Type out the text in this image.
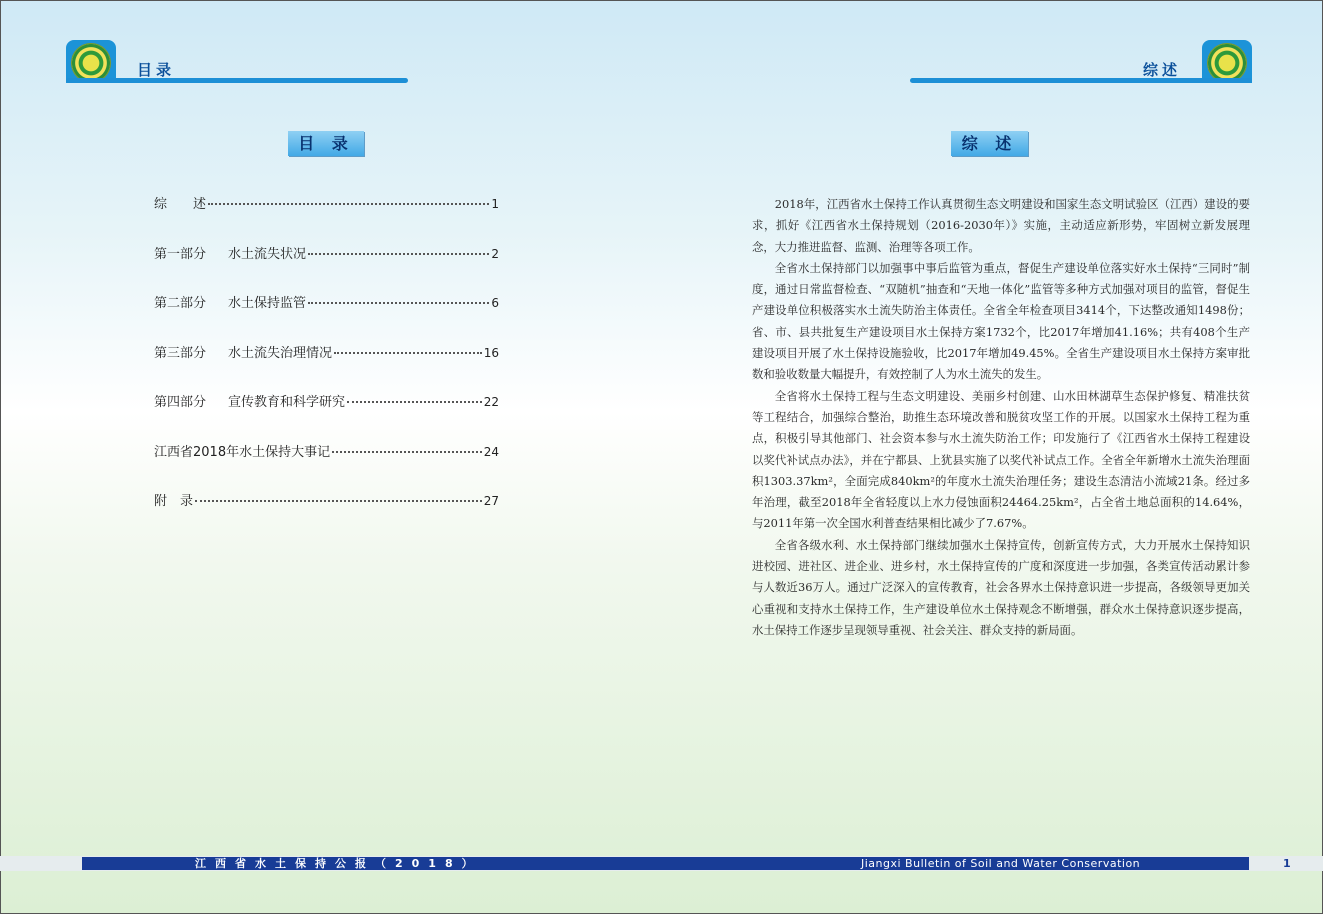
目录	综述
目 录	综 述
综　　述	1
第一部分 水土流失状况	2
第二部分 水土保持监管	6
第三部分 水土流失治理情况	16
第四部分 宣传教育和科学研究	22
江西省2018年水土保持大事记	24
附　录	27

2018年，江西省水土保持工作认真贯彻生态文明建设和国家生态文明试验区（江西）建设的要求，抓好《江西省水土保持规划（2016-2030年）》实施，主动适应新形势，牢固树立新发展理念，大力推进监督、监测、治理等各项工作。

全省水土保持部门以加强事中事后监管为重点，督促生产建设单位落实好水土保持“三同时”制度，通过日常监督检查、“双随机”抽查和“天地一体化”监管等多种方式加强对项目的监管，督促生产建设单位积极落实水土流失防治主体责任。全省全年检查项目3414个，下达整改通知1498份；省、市、县共批复生产建设项目水土保持方案1732个，比2017年增加41.16%；共有408个生产建设项目开展了水土保持设施验收，比2017年增加49.45%。全省生产建设项目水土保持方案审批数和验收数量大幅提升，有效控制了人为水土流失的发生。

全省将水土保持工程与生态文明建设、美丽乡村创建、山水田林湖草生态保护修复、精准扶贫等工程结合，加强综合整治，助推生态环境改善和脱贫攻坚工作的开展。以国家水土保持工程为重点，积极引导其他部门、社会资本参与水土流失防治工作；印发施行了《江西省水土保持工程建设以奖代补试点办法》，并在宁都县、上犹县实施了以奖代补试点工作。全省全年新增水土流失治理面积1303.37km²，全面完成840km²的年度水土流失治理任务；建设生态清洁小流域21条。经过多年治理，截至2018年全省轻度以上水力侵蚀面积24464.25km²，占全省土地总面积的14.64%，与2011年第一次全国水利普查结果相比减少了7.67%。

全省各级水利、水土保持部门继续加强水土保持宣传，创新宣传方式，大力开展水土保持知识进校园、进社区、进企业、进乡村，水土保持宣传的广度和深度进一步加强，各类宣传活动累计参与人数近36万人。通过广泛深入的宣传教育，社会各界水土保持意识进一步提高，各级领导更加关心重视和支持水土保持工作，生产建设单位水土保持观念不断增强，群众水土保持意识逐步提高，水土保持工作逐步呈现领导重视、社会关注、群众支持的新局面。

江西省水土保持公报（2018）	Jiangxi Bulletin of Soil and Water Conservation	1
